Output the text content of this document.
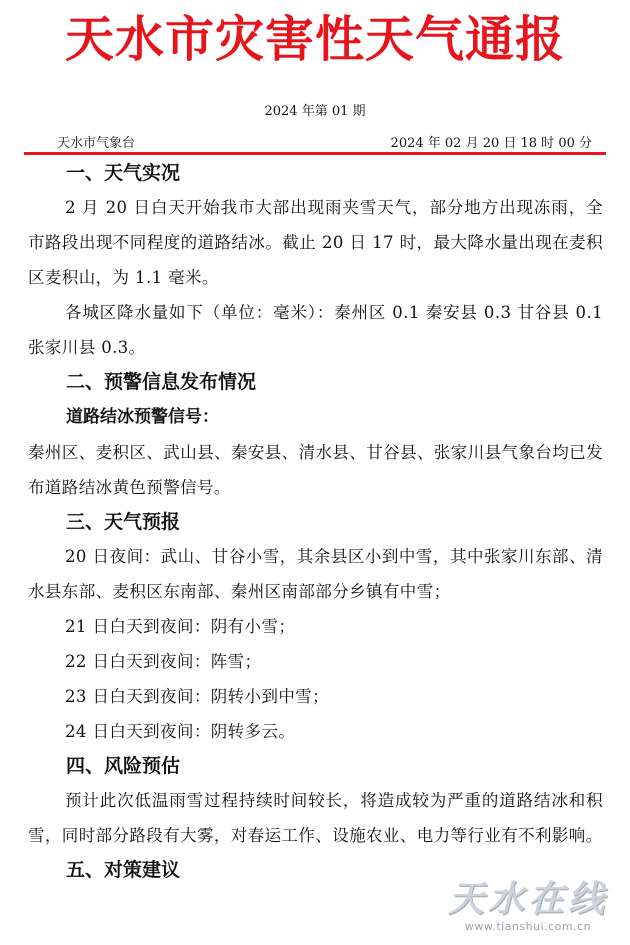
天水市灾害性天气通报
2024 年第 01 期
天水市气象台	2024 年 02 月 20 日 18 时 00 分
一、天气实况
2 月 20 日白天开始我市大部出现雨夹雪天气，部分地方出现冻雨，全市路段出现不同程度的道路结冰。截止 20 日 17 时，最大降水量出现在麦积区麦积山，为 1.1 毫米。
各城区降水量如下（单位：毫米）：秦州区 0.1 秦安县 0.3 甘谷县 0.1 张家川县 0.3。
二、预警信息发布情况
道路结冰预警信号：
秦州区、麦积区、武山县、秦安县、清水县、甘谷县、张家川县气象台均已发布道路结冰黄色预警信号。
三、天气预报
20 日夜间：武山、甘谷小雪，其余县区小到中雪，其中张家川东部、清水县东部、麦积区东南部、秦州区南部部分乡镇有中雪；
21 日白天到夜间：阴有小雪；
22 日白天到夜间：阵雪；
23 日白天到夜间：阴转小到中雪；
24 日白天到夜间：阴转多云。
四、风险预估
预计此次低温雨雪过程持续时间较长，将造成较为严重的道路结冰和积雪，同时部分路段有大雾，对春运工作、设施农业、电力等行业有不利影响。
五、对策建议
天水在线
www.tianshui.com.cn
